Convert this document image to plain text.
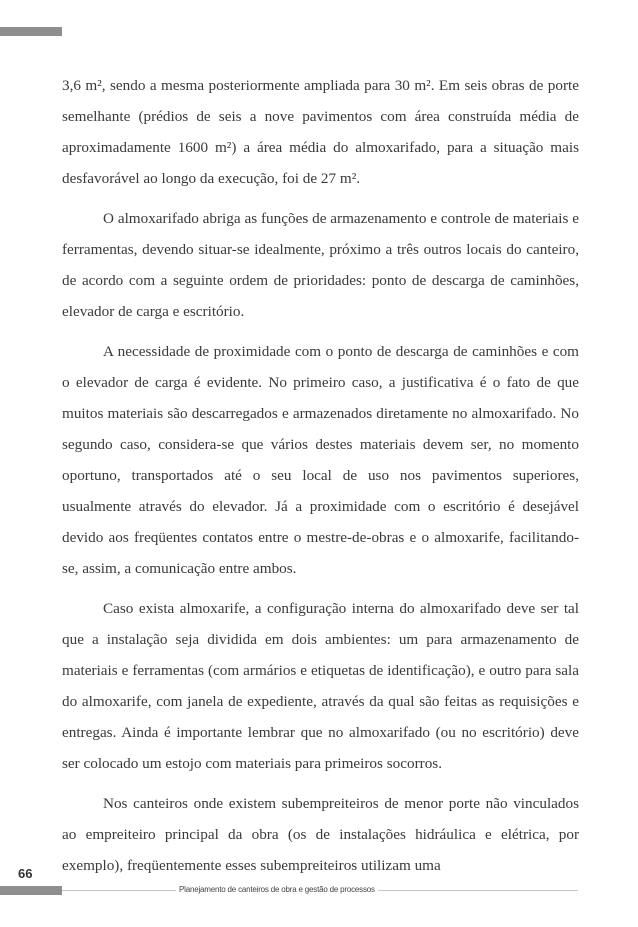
3,6 m², sendo a mesma posteriormente ampliada para 30 m². Em seis obras de porte semelhante (prédios de seis a nove pavimentos com área construída média de aproximadamente 1600 m²) a área média do almoxarifado, para a situação mais desfavorável ao longo da execução, foi de 27 m².

O almoxarifado abriga as funções de armazenamento e controle de materiais e ferramentas, devendo situar-se idealmente, próximo a três outros locais do canteiro, de acordo com a seguinte ordem de prioridades: ponto de descarga de caminhões, elevador de carga e escritório.

A necessidade de proximidade com o ponto de descarga de caminhões e com o elevador de carga é evidente. No primeiro caso, a justificativa é o fato de que muitos materiais são descarregados e armazenados diretamente no almoxarifado. No segundo caso, considera-se que vários destes materiais devem ser, no momento oportuno, transportados até o seu local de uso nos pavimentos superiores, usualmente através do elevador. Já a proximidade com o escritório é desejável devido aos freqüentes contatos entre o mestre-de-obras e o almoxarife, facilitando-se, assim, a comunicação entre ambos.

Caso exista almoxarife, a configuração interna do almoxarifado deve ser tal que a instalação seja dividida em dois ambientes: um para armazenamento de materiais e ferramentas (com armários e etiquetas de identificação), e outro para sala do almoxarife, com janela de expediente, através da qual são feitas as requisições e entregas. Ainda é importante lembrar que no almoxarifado (ou no escritório) deve ser colocado um estojo com materiais para primeiros socorros.

Nos canteiros onde existem subempreiteiros de menor porte não vinculados ao empreiteiro principal da obra (os de instalações hidráulica e elétrica, por exemplo), freqüentemente esses subempreiteiros utilizam uma

66
Planejamento de canteiros de obra e gestão de processos
